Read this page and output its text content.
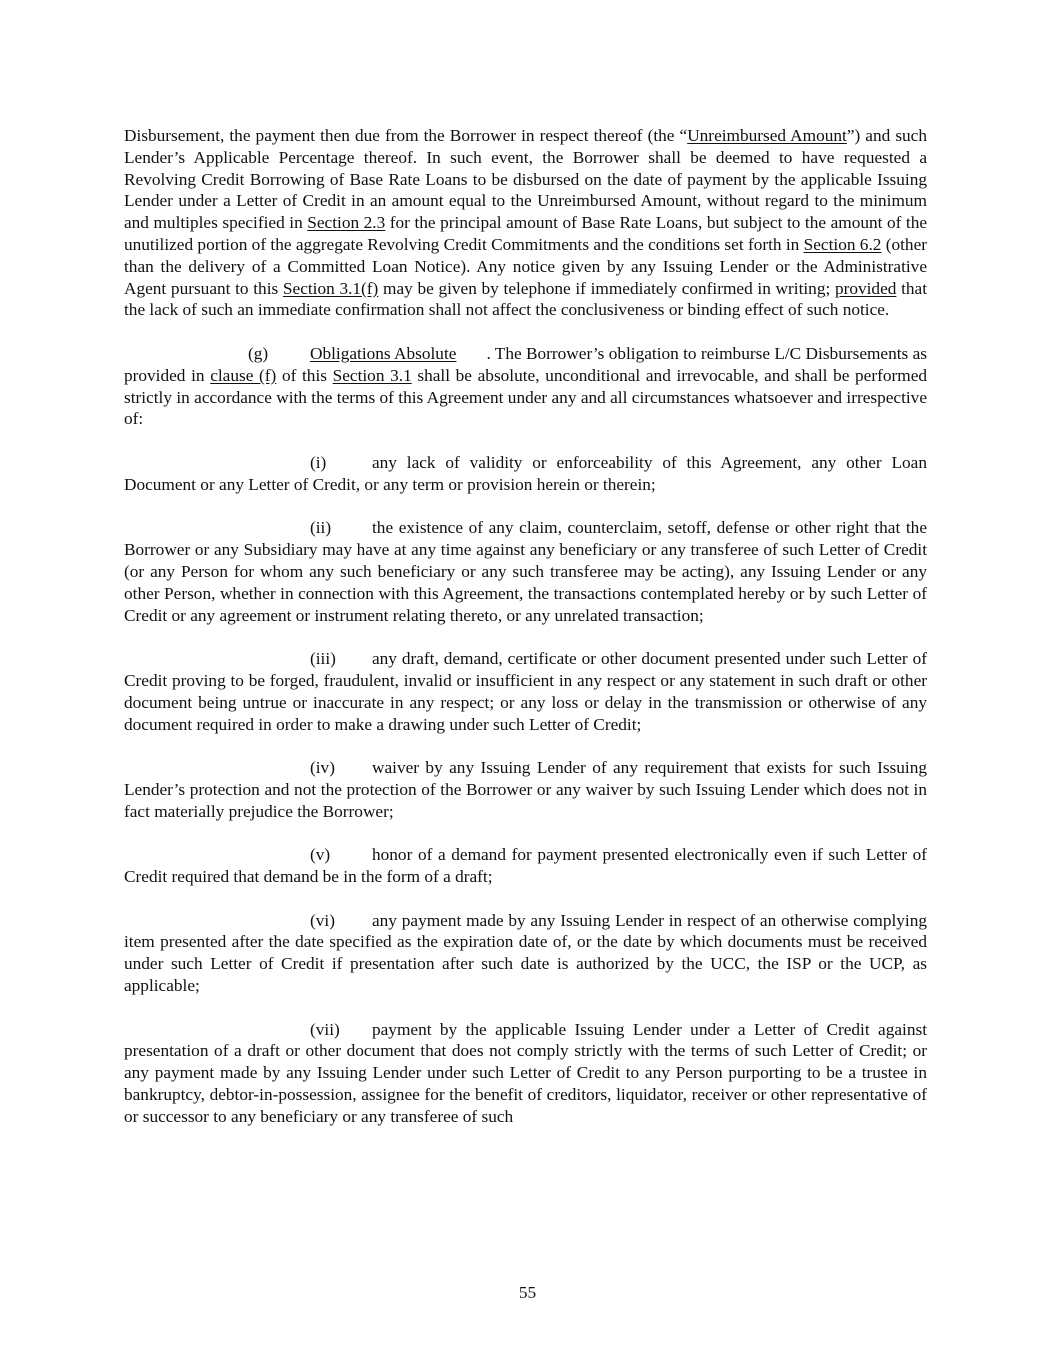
Disbursement, the payment then due from the Borrower in respect thereof (the “Unreimbursed Amount”) and such Lender’s Applicable Percentage thereof. In such event, the Borrower shall be deemed to have requested a Revolving Credit Borrowing of Base Rate Loans to be disbursed on the date of payment by the applicable Issuing Lender under a Letter of Credit in an amount equal to the Unreimbursed Amount, without regard to the minimum and multiples specified in Section 2.3 for the principal amount of Base Rate Loans, but subject to the amount of the unutilized portion of the aggregate Revolving Credit Commitments and the conditions set forth in Section 6.2 (other than the delivery of a Committed Loan Notice). Any notice given by any Issuing Lender or the Administrative Agent pursuant to this Section 3.1(f) may be given by telephone if immediately confirmed in writing; provided that the lack of such an immediate confirmation shall not affect the conclusiveness or binding effect of such notice.

(g) Obligations Absolute . The Borrower’s obligation to reimburse L/C Disbursements as provided in clause (f) of this Section 3.1 shall be absolute, unconditional and irrevocable, and shall be performed strictly in accordance with the terms of this Agreement under any and all circumstances whatsoever and irrespective of:

(i)	any lack of validity or enforceability of this Agreement, any other Loan Document or any Letter of Credit, or any term or provision herein or therein;

(ii) the existence of any claim, counterclaim, setoff, defense or other right that the Borrower or any Subsidiary may have at any time against any beneficiary or any transferee of such Letter of Credit (or any Person for whom any such beneficiary or any such transferee may be acting), any Issuing Lender or any other Person, whether in connection with this Agreement, the transactions contemplated hereby or by such Letter of Credit or any agreement or instrument relating thereto, or any unrelated transaction;

(iii) any draft, demand, certificate or other document presented under such Letter of Credit proving to be forged, fraudulent, invalid or insufficient in any respect or any statement in such draft or other document being untrue or inaccurate in any respect; or any loss or delay in the transmission or otherwise of any document required in order to make a drawing under such Letter of Credit;

(iv) waiver by any Issuing Lender of any requirement that exists for such Issuing Lender’s protection and not the protection of the Borrower or any waiver by such Issuing Lender which does not in fact materially prejudice the Borrower;

(v) honor of a demand for payment presented electronically even if such Letter of Credit required that demand be in the form of a draft;

(vi) any payment made by any Issuing Lender in respect of an otherwise complying item presented after the date specified as the expiration date of, or the date by which documents must be received under such Letter of Credit if presentation after such date is authorized by the UCC, the ISP or the UCP, as applicable;

(vii) payment by the applicable Issuing Lender under a Letter of Credit against presentation of a draft or other document that does not comply strictly with the terms of such Letter of Credit; or any payment made by any Issuing Lender under such Letter of Credit to any Person purporting to be a trustee in bankruptcy, debtor-in-possession, assignee for the benefit of creditors, liquidator, receiver or other representative of or successor to any beneficiary or any transferee of such

55
